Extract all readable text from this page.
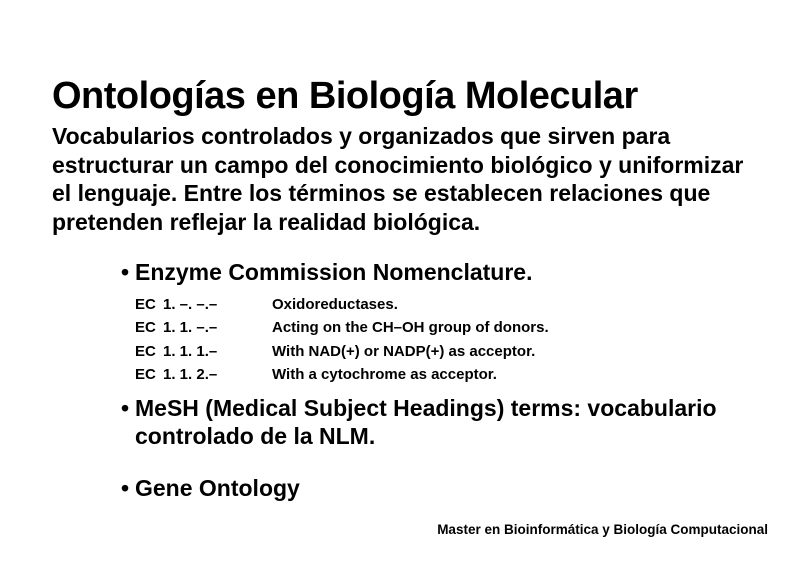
Ontologías en Biología Molecular
Vocabularios controlados y organizados que sirven para
estructurar un campo del conocimiento biológico y uniformizar
el lenguaje. Entre los términos se establecen relaciones que
pretenden reflejar la realidad biológica.
• Enzyme Commission Nomenclature.
EC 1. –. –.–	Oxidoreductases.
EC 1. 1. –.–	Acting on the CH–OH group of donors.
EC 1. 1. 1.–	With NAD(+) or NADP(+) as acceptor.
EC 1. 1. 2.–	With a cytochrome as acceptor.
• MeSH (Medical Subject Headings) terms: vocabulario
controlado de la NLM.
• Gene Ontology
Master en Bioinformática y Biología Computacional
